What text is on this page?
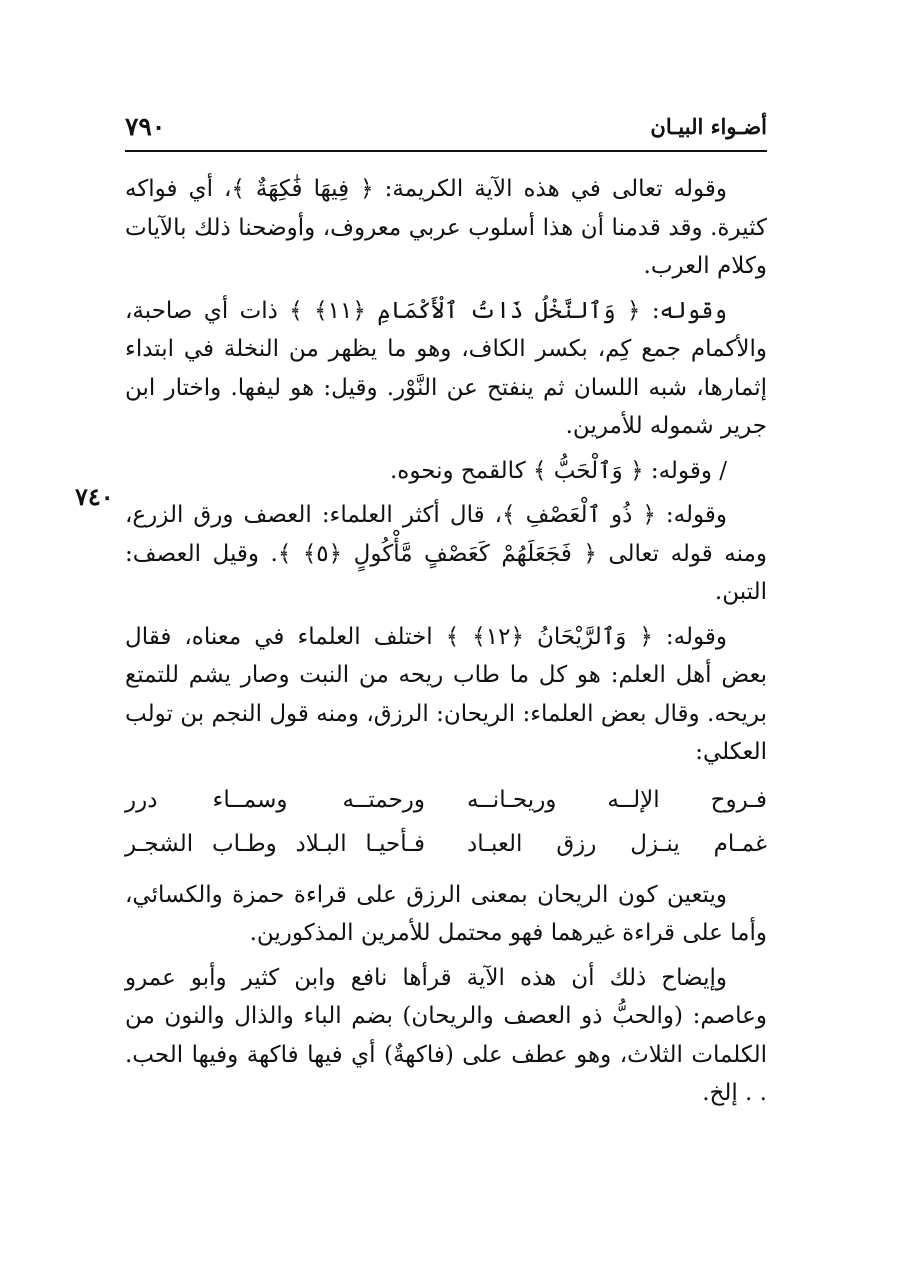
٧٩٠	أضـواء البيـان
٧٤٠

وقوله تعالى في هذه الآية الكريمة: ﴿ فِيهَا فَٰكِهَةٌ ﴾، أي فواكه كثيرة. وقد قدمنا أن هذا أسلوب عربي معروف، وأوضحنا ذلك بالآيات وكلام العرب.

وقوله: ﴿ وَٱلنَّخْلُ ذَاتُ ٱلْأَكْمَامِ ﴿١١﴾ ﴾ ذات أي صاحبة، والأكمام جمع كِم، بكسر الكاف، وهو ما يظهر من النخلة في ابتداء إثمارها، شبه اللسان ثم ينفتح عن النَّوْر. وقيل: هو ليفها. واختار ابن جرير شموله للأمرين.

/ وقوله: ﴿ وَٱلْحَبُّ ﴾ كالقمح ونحوه.

وقوله: ﴿ ذُو ٱلْعَصْفِ ﴾، قال أكثر العلماء: العصف ورق الزرع، ومنه قوله تعالى ﴿ فَجَعَلَهُمْ كَعَصْفٍ مَّأْكُولٍ ﴿٥﴾ ﴾. وقيل العصف: التبن.

وقوله: ﴿ وَٱلرَّيْحَانُ ﴿١٢﴾ ﴾ اختلف العلماء في معناه، فقال بعض أهل العلم: هو كل ما طاب ريحه من النبت وصار يشم للتمتع بريحه. وقال بعض العلماء: الريحان: الرزق، ومنه قول النجم بن تولب العكلي:

فـروح الإلــه وريحـانــه
ورحمتــه وسمــاء درر
غمـام ينـزل رزق العبـاد
فـأحيـا البـلاد وطـاب الشجـر

ويتعين كون الريحان بمعنى الرزق على قراءة حمزة والكسائي، وأما على قراءة غيرهما فهو محتمل للأمرين المذكورين.

وإيضاح ذلك أن هذه الآية قرأها نافع وابن كثير وأبو عمرو وعاصم: (والحبُّ ذو العصف والريحان) بضم الباء والذال والنون من الكلمات الثلاث، وهو عطف على (فاكهةٌ) أي فيها فاكهة وفيها الحب. . . إلخ.
